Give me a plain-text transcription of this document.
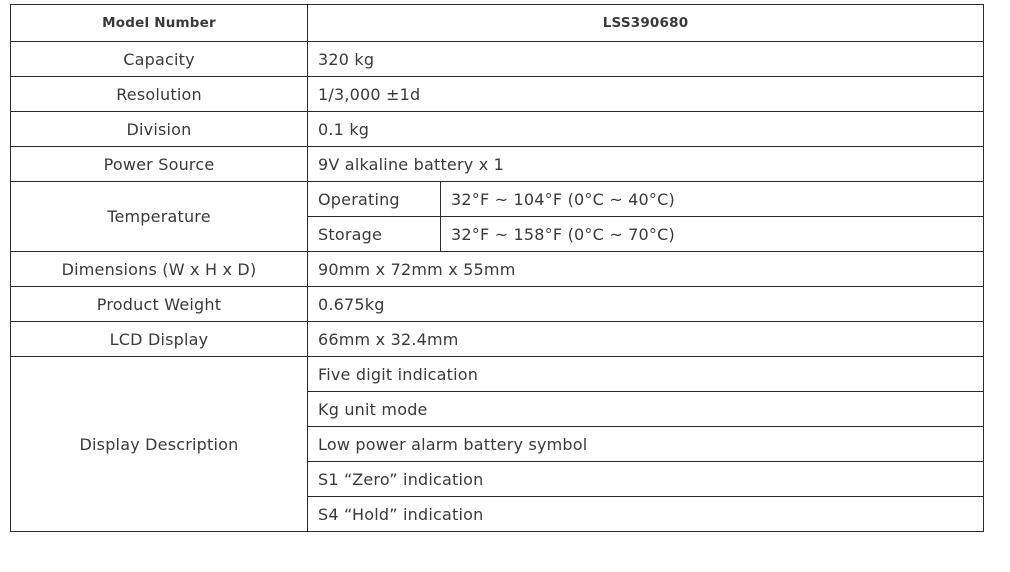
Model Number	LSS390680	
Capacity	320 kg	
Resolution	1/3,000 ±1d	
Division	0.1 kg	
Power Source	9V alkaline battery x 1	
Temperature	Operating	32°F ~ 104°F (0°C ~ 40°C)
	Storage	32°F ~ 158°F (0°C ~ 70°C)
Dimensions (W x H x D)	90mm x 72mm x 55mm	
Product Weight	0.675kg	
LCD Display	66mm x 32.4mm	
Display Description	Five digit indication	
	Kg unit mode	
	Low power alarm battery symbol	
	S1 “Zero” indication	
	S4 “Hold” indication	
